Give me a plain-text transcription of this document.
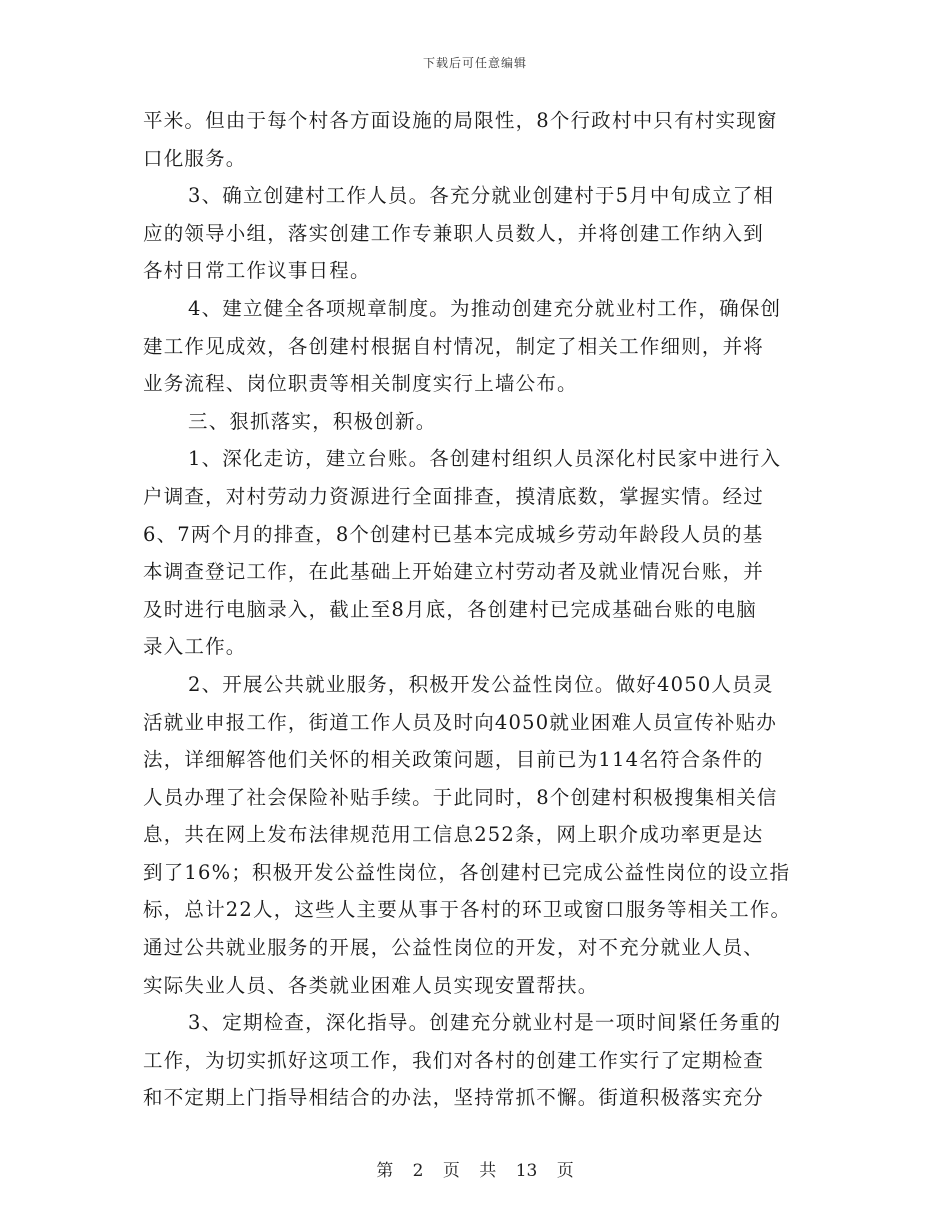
下载后可任意编辑
平米。但由于每个村各方面设施的局限性，8个行政村中只有村实现窗
口化服务。
3、确立创建村工作人员。各充分就业创建村于5月中旬成立了相
应的领导小组，落实创建工作专兼职人员数人，并将创建工作纳入到
各村日常工作议事日程。
4、建立健全各项规章制度。为推动创建充分就业村工作，确保创
建工作见成效，各创建村根据自村情况，制定了相关工作细则，并将
业务流程、岗位职责等相关制度实行上墙公布。
三、狠抓落实，积极创新。
1、深化走访，建立台账。各创建村组织人员深化村民家中进行入
户调查，对村劳动力资源进行全面排查，摸清底数，掌握实情。经过
6、7两个月的排查，8个创建村已基本完成城乡劳动年龄段人员的基
本调查登记工作，在此基础上开始建立村劳动者及就业情况台账，并
及时进行电脑录入，截止至8月底，各创建村已完成基础台账的电脑
录入工作。
2、开展公共就业服务，积极开发公益性岗位。做好4050人员灵
活就业申报工作，街道工作人员及时向4050就业困难人员宣传补贴办
法，详细解答他们关怀的相关政策问题，目前已为114名符合条件的
人员办理了社会保险补贴手续。于此同时，8个创建村积极搜集相关信
息，共在网上发布法律规范用工信息252条，网上职介成功率更是达
到了16%；积极开发公益性岗位，各创建村已完成公益性岗位的设立指
标，总计22人，这些人主要从事于各村的环卫或窗口服务等相关工作。
通过公共就业服务的开展，公益性岗位的开发，对不充分就业人员、
实际失业人员、各类就业困难人员实现安置帮扶。
3、定期检查，深化指导。创建充分就业村是一项时间紧任务重的
工作，为切实抓好这项工作，我们对各村的创建工作实行了定期检查
和不定期上门指导相结合的办法，坚持常抓不懈。街道积极落实充分
第 2 页 共 13 页
